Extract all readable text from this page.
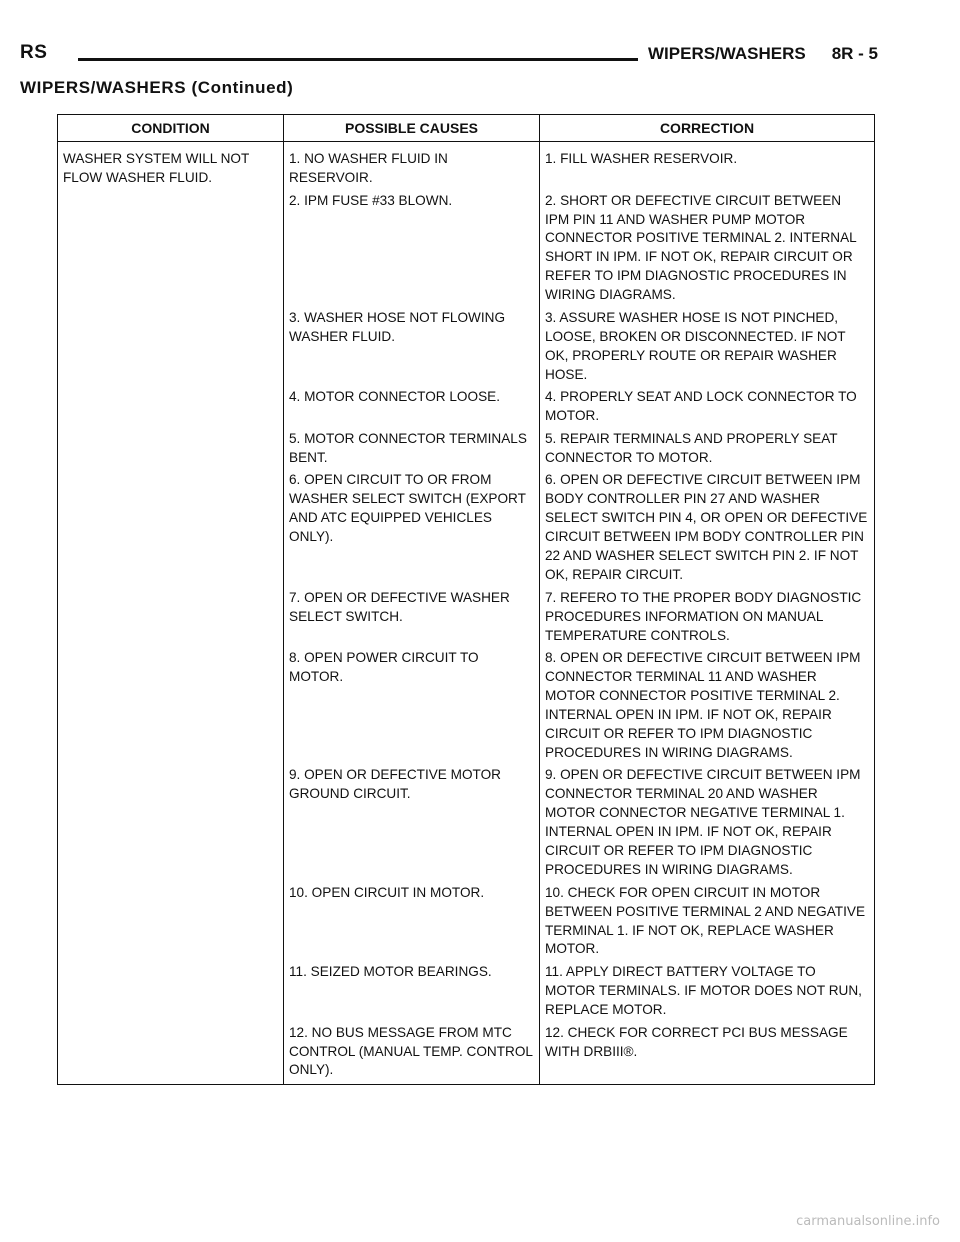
RS	WIPERS/WASHERS 8R - 5
WIPERS/WASHERS (Continued)
CONDITION	POSSIBLE CAUSES	CORRECTION
WASHER SYSTEM WILL NOT FLOW WASHER FLUID.	1. NO WASHER FLUID IN RESERVOIR.	1. FILL WASHER RESERVOIR.
	2. IPM FUSE #33 BLOWN.	2. SHORT OR DEFECTIVE CIRCUIT BETWEEN IPM PIN 11 AND WASHER PUMP MOTOR CONNECTOR POSITIVE TERMINAL 2. INTERNAL SHORT IN IPM. IF NOT OK, REPAIR CIRCUIT OR REFER TO IPM DIAGNOSTIC PROCEDURES IN WIRING DIAGRAMS.
	3. WASHER HOSE NOT FLOWING WASHER FLUID.	3. ASSURE WASHER HOSE IS NOT PINCHED, LOOSE, BROKEN OR DISCONNECTED. IF NOT OK, PROPERLY ROUTE OR REPAIR WASHER HOSE.
	4. MOTOR CONNECTOR LOOSE.	4. PROPERLY SEAT AND LOCK CONNECTOR TO MOTOR.
	5. MOTOR CONNECTOR TERMINALS BENT.	5. REPAIR TERMINALS AND PROPERLY SEAT CONNECTOR TO MOTOR.
	6. OPEN CIRCUIT TO OR FROM WASHER SELECT SWITCH (EXPORT AND ATC EQUIPPED VEHICLES ONLY).	6. OPEN OR DEFECTIVE CIRCUIT BETWEEN IPM BODY CONTROLLER PIN 27 AND WASHER SELECT SWITCH PIN 4, OR OPEN OR DEFECTIVE CIRCUIT BETWEEN IPM BODY CONTROLLER PIN 22 AND WASHER SELECT SWITCH PIN 2. IF NOT OK, REPAIR CIRCUIT.
	7. OPEN OR DEFECTIVE WASHER SELECT SWITCH.	7. REFERO TO THE PROPER BODY DIAGNOSTIC PROCEDURES INFORMATION ON MANUAL TEMPERATURE CONTROLS.
	8. OPEN POWER CIRCUIT TO MOTOR.	8. OPEN OR DEFECTIVE CIRCUIT BETWEEN IPM CONNECTOR TERMINAL 11 AND WASHER MOTOR CONNECTOR POSITIVE TERMINAL 2. INTERNAL OPEN IN IPM. IF NOT OK, REPAIR CIRCUIT OR REFER TO IPM DIAGNOSTIC PROCEDURES IN WIRING DIAGRAMS.
	9. OPEN OR DEFECTIVE MOTOR GROUND CIRCUIT.	9. OPEN OR DEFECTIVE CIRCUIT BETWEEN IPM CONNECTOR TERMINAL 20 AND WASHER MOTOR CONNECTOR NEGATIVE TERMINAL 1. INTERNAL OPEN IN IPM. IF NOT OK, REPAIR CIRCUIT OR REFER TO IPM DIAGNOSTIC PROCEDURES IN WIRING DIAGRAMS.
	10. OPEN CIRCUIT IN MOTOR.	10. CHECK FOR OPEN CIRCUIT IN MOTOR BETWEEN POSITIVE TERMINAL 2 AND NEGATIVE TERMINAL 1. IF NOT OK, REPLACE WASHER MOTOR.
	11. SEIZED MOTOR BEARINGS.	11. APPLY DIRECT BATTERY VOLTAGE TO MOTOR TERMINALS. IF MOTOR DOES NOT RUN, REPLACE MOTOR.
	12. NO BUS MESSAGE FROM MTC CONTROL (MANUAL TEMP. CONTROL ONLY).	12. CHECK FOR CORRECT PCI BUS MESSAGE WITH DRBIII®.
carmanualsonline.info
